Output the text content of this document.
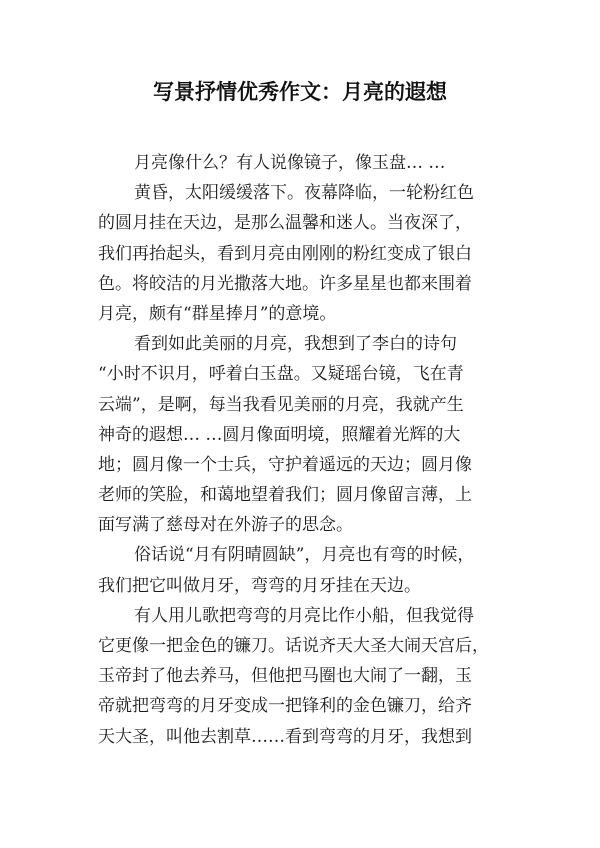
写景抒情优秀作文：月亮的遐想
月亮像什么？有人说像镜子，像玉盘… …
黄昏，太阳缓缓落下。夜幕降临，一轮粉红色
的圆月挂在天边，是那么温馨和迷人。当夜深了，
我们再抬起头，看到月亮由刚刚的粉红变成了银白
色。将皎洁的月光撒落大地。许多星星也都来围着
月亮，颇有“群星捧月”的意境。
看到如此美丽的月亮，我想到了李白的诗句
“小时不识月，呼着白玉盘。又疑瑶台镜，飞在青
云端”，是啊，每当我看见美丽的月亮，我就产生
神奇的遐想… …圆月像面明境，照耀着光辉的大
地；圆月像一个士兵，守护着遥远的天边；圆月像
老师的笑脸，和蔼地望着我们；圆月像留言薄，上
面写满了慈母对在外游子的思念。
俗话说“月有阴晴圆缺”，月亮也有弯的时候，
我们把它叫做月牙，弯弯的月牙挂在天边。
有人用儿歌把弯弯的月亮比作小船，但我觉得
它更像一把金色的镰刀。话说齐天大圣大闹天宫后，
玉帝封了他去养马，但他把马圈也大闹了一翻，玉
帝就把弯弯的月牙变成一把锋利的金色镰刀，给齐
天大圣，叫他去割草……看到弯弯的月牙，我想到
